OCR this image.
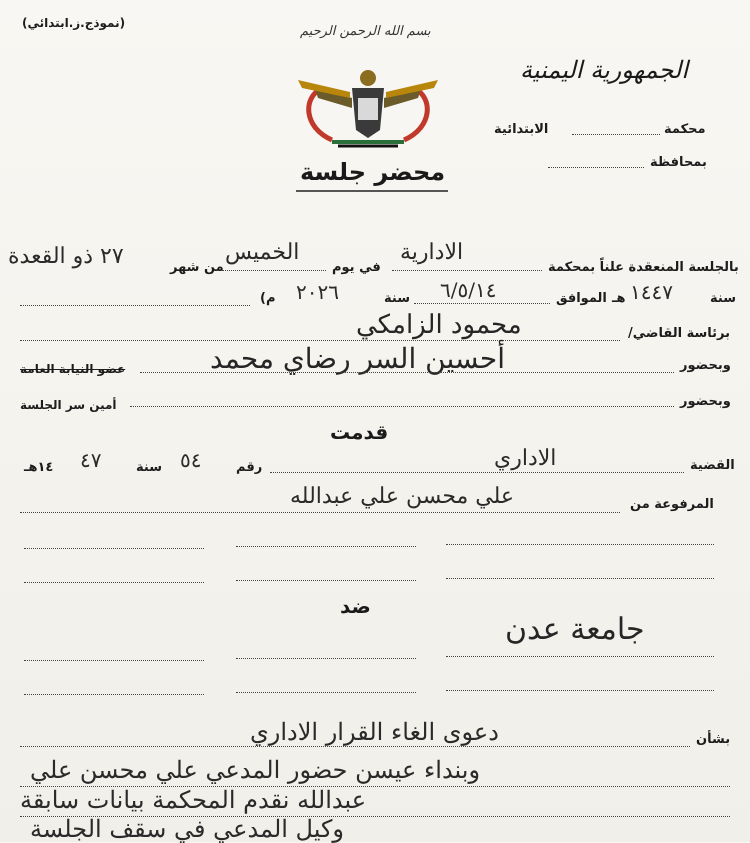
(نموذج.ز.ابتدائي)
بسم الله الرحمن الرحيم
الجمهورية اليمنية
محضر جلسة
محكمة
الابتدائية
بمحافظة
بالجلسة المنعقدة علناً بمحكمة
الادارية
في يوم
الخميس
من شهر
٢٧ ذو القعدة
سنة
١٤٤٧
هـ
الموافق
٦/٥/١٤
سنة
٢٠٢٦
م)
برئاسة القاضي/
محمود الزامكي
وبحضور
أحسين السر رضاي محمد
عضو النيابة العامة
وبحضور
أمين سر الجلسة
قدمت
القضية
الاداري
رقم
٥٤
سنة
٤٧
١٤هـ
المرفوعة من
علي محسن علي عبدالله
ضد
جامعة عدن
بشأن
دعوى الغاء القرار الاداري
وبنداء عيسن حضور المدعي علي محسن علي
عبدالله نقدم المحكمة بيانات سابقة
وكيل المدعي في سقف الجلسة
